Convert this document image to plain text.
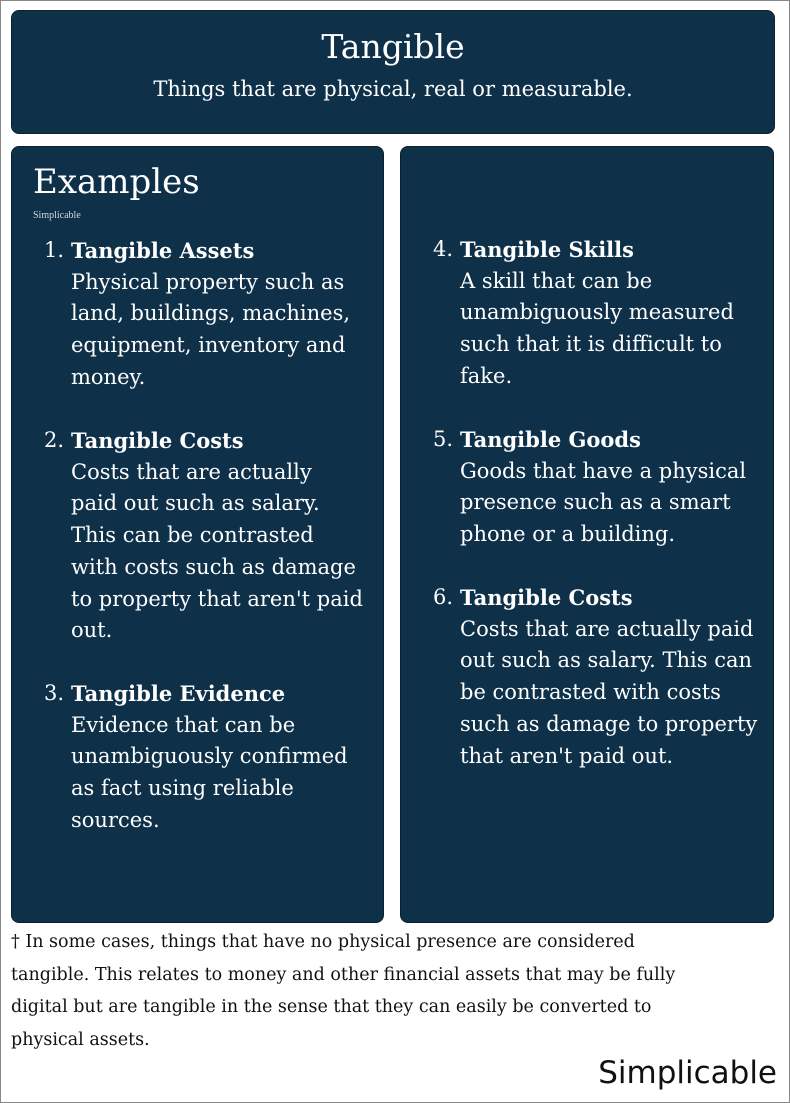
Tangible
Things that are physical, real or measurable.
Examples
Simplicable
1. Tangible Assets
Physical property such as land, buildings, machines, equipment, inventory and money.
2. Tangible Costs
Costs that are actually paid out such as salary. This can be contrasted with costs such as damage to property that aren't paid out.
3. Tangible Evidence
Evidence that can be unambiguously confirmed as fact using reliable sources.
4. Tangible Skills
A skill that can be unambiguously measured such that it is difficult to fake.
5. Tangible Goods
Goods that have a physical presence such as a smart phone or a building.
6. Tangible Costs
Costs that are actually paid out such as salary. This can be contrasted with costs such as damage to property that aren't paid out.
† In some cases, things that have no physical presence are considered tangible. This relates to money and other financial assets that may be fully digital but are tangible in the sense that they can easily be converted to physical assets.
Simplicable
